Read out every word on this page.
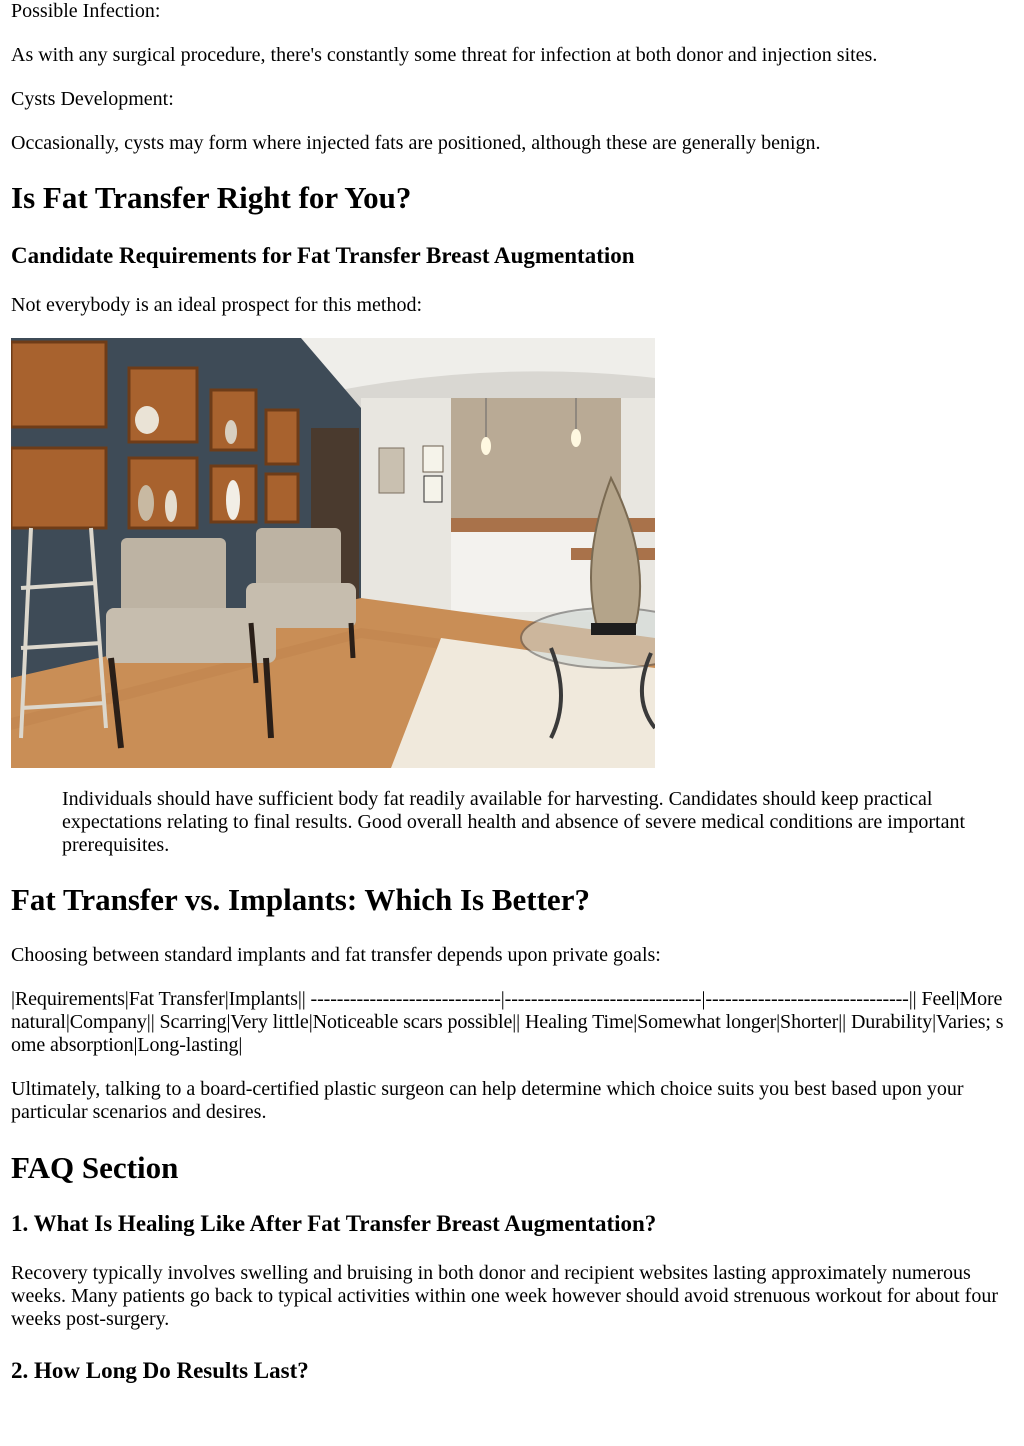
Possible Infection:

As with any surgical procedure, there's constantly some threat for infection at both donor and injection sites.

Cysts Development:

Occasionally, cysts may form where injected fats are positioned, although these are generally benign.

Is Fat Transfer Right for You?
Candidate Requirements for Fat Transfer Breast Augmentation

Not everybody is an ideal prospect for this method:

Individuals should have sufficient body fat readily available for harvesting. Candidates should keep practical expectations relating to final results. Good overall health and absence of severe medical conditions are important prerequisites.
Fat Transfer vs. Implants: Which Is Better?

Choosing between standard implants and fat transfer depends upon private goals:

|Requirements|Fat Transfer|Implants|| -----------------------------|------------------------------|-------------------------------|| Feel|More natural|Company|| Scarring|Very little|Noticeable scars possible|| Healing Time|Somewhat longer|Shorter|| Durability|Varies; some absorption|Long-lasting|

Ultimately, talking to a board-certified plastic surgeon can help determine which choice suits you best based upon your particular scenarios and desires.

FAQ Section
1. What Is Healing Like After Fat Transfer Breast Augmentation?

Recovery typically involves swelling and bruising in both donor and recipient websites lasting approximately numerous weeks. Many patients go back to typical activities within one week however should avoid strenuous workout for about four weeks post-surgery.

2. How Long Do Results Last?
